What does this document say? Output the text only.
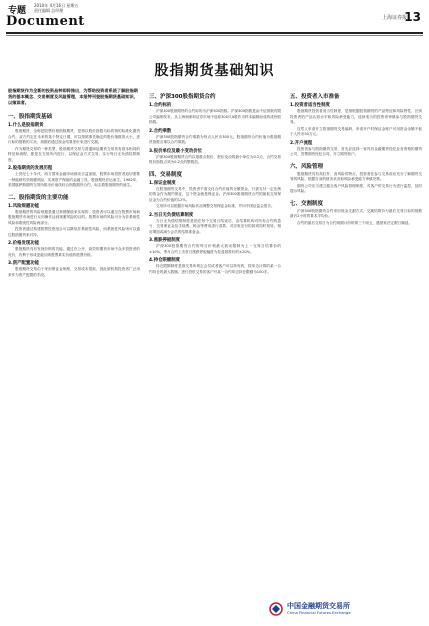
专题
2010年 4月16日 星期五
责任编辑 总经理
Document	上海证券报
13
股指期货基础知识

股指期货作为全新的投资品种即将推出，为帮助投资者系统了解股指期货的基本概念、交易制度及风险管理，本报特刊登股指期货基础知识，以飨读者。

一、股指期货基础
1.什么是股指期货

股指期货，全称是股票价格指数期货，是指以股价指数为标的物的标准化期货合约，双方约定在未来的某个特定日期，可以按照事先确定的股价指数的大小，进行标的指数的买卖，到期后通过现金结算差价来进行交割。

作为期货交易的一种类型，股指期货交易与普通商品期货交易具有基本相同的特征和流程，都是在交易所内进行，以保证金方式交易，实行每日无负债结算制度。

2.股指期货的发展历程

上世纪七十年代，西方国家金融市场波动日益加剧，股票市场投资者迫切需要一种能够有效规避风险、实现资产保值的金融工具，股指期货应运而生。1982年，美国堪萨斯期货交易所推出价值线综合指数期货合约，标志着股指期货的诞生。

二、股指期货的主要功能
1.风险规避功能

股指期货的风险规避是通过套期保值来实现的，投资者可以通过在股票市场和股指期货市场进行反向操作达到规避风险的目的。股票市场的风险可分为非系统性风险和系统性风险两部分。

投资者通过构建股票投资组合可以降低非系统性风险，而系统性风险则可以通过股指期货来对冲。

2.价格发现功能

股指期货具有发现价格的功能，通过在公开、高效的期货市场中众多投资者的竞价，有利于形成更能反映股票真实价值的股票价格。

3.资产配置功能

股指期货交易由于采用保证金制度，交易成本很低，因此被机构投资者广泛用来作为资产配置的手段。

三、沪深300股指期货合约
1.合约标的

沪深300股指期货的合约标的为沪深300指数。沪深300指数是由中证指数有限公司编制发布，从上海和深圳证券市场中选取300只A股作为样本编制而成的成份股指数。

2.合约乘数

沪深300股指期货合约乘数为每点人民币300元。股指期货合约价值为股指期货指数点乘以合约乘数。

3.报价单位及最小变动价位

沪深300股指期货合约以指数点报价，报价变动的最小单位为0.2点，合约交易报价指数点须为0.2点的整数倍。

四、交易制度
1.保证金制度

在股指期货交易中，投资者不需支付合约价值的全额资金，只需支付一定比例的资金作为履约保证，这个资金就是保证金。沪深300股指期货合约的最低交易保证金为合约价值的12%。

交易所可以根据市场风险状况调整交易保证金标准，并向中国证监会报告。

2.当日无负债结算制度

当日无负债结算制度是指在每个交易日结束后，由结算机构对所有合约的盈亏、交易保证金及手续费、税金等费用进行清算，对应收应付的款项同时划转，相应增加或减少会员的结算准备金。

3.涨跌停板制度

沪深300股指期货合约的每日价格最大波动限制为上一交易日结算价的±10%，季月合约上市首日涨跌停板幅度为挂盘基准价的±20%。

4.持仓限额制度

持仓限额制度是指交易所规定会员或者客户可以持有的，按单边计算的某一合约持仓的最大数额。进行投机交易的客户号某一合约单边持仓限额为100手。

五、投资者入市准备
1.投资者适当性制度

股指期货投资者适当性制度，是指根据股指期货的产品特征和风险特性，区别投资者的产品认知水平和风险承受能力，选择适当的投资者审慎参与股指期货交易。

自然人申请开立股指期货交易编码，申请开户时保证金账户可用资金余额不低于人民币50万元。

2.开户流程

投资者参与股指期货交易，首先应选择一家具有金融期货经纪业务资格的期货公司，签署期货经纪合同，开立期货账户。

六、风险管理

股指期货具有高杠杆、高风险的特点，投资者在参与交易前应充分了解期货交易的风险，根据自身的财务状况和风险承受能力审慎决策。

期货公司应当建立健全客户风险管理制度，对客户的交易行为进行监控，及时提示风险。

七、交割制度

沪深300股指期货合约采用现金交割方式，交割结算价为最后交易日标的指数最后2小时的算术平均价。

合约的最后交易日为合约到期月份的第三个周五，遇国家法定假日顺延。

中国金融期货交易所
China Financial Futures Exchange
